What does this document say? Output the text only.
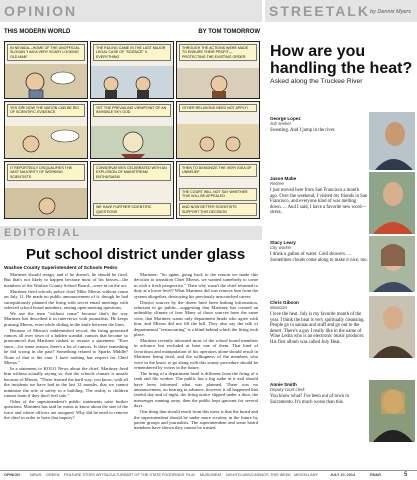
OPINION	STREETALK by Dennis Myers
THIS MODERN WORLD	BY TOM TOMORROW
IN NEVADA—HOME OF THE UNOFFICIAL SLOGAN "I AM A VERY SCARY LOOKING OLD MAN"
THE RULING CAME IN THE LAST MAJOR LEGAL CASE OF "SCIENCE" V. EVERYTHING
THROUGH THE ACTIONS WERE MADE TO ENSURE THEIR PROFIT—PROTECTING THE EXISTING ORDER
YES SIR! NOW THE NATION CAN BE RID OF SCIENTIFIC EVIDENCE
YET THE PREVAILING VIEWPOINT OF AN INVISIBLE SKY GOD
OTHER RELIGIONS NEED NOT APPLY!
IT REPORTEDLY DISQUALIFIES THE VAST MAJORITY OF WORKING SCIENTISTS
CONSERVATIVES CELEBRATED WITH AN EXPLOSION OF MAINSTREAM ENTHUSIASM
WE HAVE FURTHER SCIENTIFIC QUESTIONS
THEN TO DEMONIZE THE VERY IDEA OF UNBELIEF
AND NOW BETTER SCIENTISTS SUPPORT THIS DECISION
THE COURT WILL NOT SAY WHETHER THIS WILL BE APPEALED
EDITORIAL
Put school district under glass
Washoe County Superintendent of Schools Pedro

Martinez should resign, and if he doesn't, he should be fired. But that's not likely to happen because most of his bosses—the members of the Washoe County School Board—were in on the act.

Martinez fired schools police chief Mike Mieras without cause on July 11. He made no public announcement of it, though he had surreptitiously planned the firing with secret email meetings with selected school board members, raising open meeting questions.

We use the term "without cause" because that's the way Martinez has described it in interviews with journalists. He keeps praising Mieras, even while sliding in the knife between the lines.

Because of Mieras's unblemished record, the firing generated rumors all over town of a hidden scandal, rumors that became so pronounced that Martinez rushed to reissue a statement: "Ever since—for some reason, there's a lot of rumors. Is there something he did wrong in the past? Something related to Sparks Middle? None of that is the case. I have nothing but respect for Chief Mieras."

In a statement to KOLO News about the chief, Martinez fired him without actually saying so, that the schools climate is unsafe because of Mieras. "There learned the hard way, you know, with all the incidents we have had in the last 12 months, that we cannot minimize the role of safety in a building. The reality is children cannot learn if they don't feel safe."

Other of the superintendent's public statements raise further questions. Martinez has said he wants to know about the size of the force and where officers are assigned. Why did he need to remove the chief in order to have that inquiry?

Martinez: "So again, going back to the reason we made this decision to transition Chief Mieras, we wanted somebody to come in with a fresh perspective." Then why wasn't the chief returned to duty at a lower level? What Martinez did was remove him from the system altogether, destroying his previously unscratched career.

District sources by the dozen have been leaking information, reluctant to go public—suggesting that Martinez has created an unhealthy climate of fear. Many of those sources have the same view, that Martinez wants only department heads who agree with him, and Mieras did not fill the bill. They also say the talk of departmental "restructuring" is a blind behind which the firing took place.

Martinez recently informed most of the school board members in advance but excluded at least one of them. That kind of favoritism and manipulation of his operators alone should result in Martinez being fired, and the willingness of the members who were in the know to go along with this scanty procedure should be remembered by voters in the future.

The firing of a department head is different from the firing of a rank and file worker. The public has a big stake in it and should have been informed what was planned. There was no announcement, no hearing in advance, however it all happened that fateful day and of night, the firing notice slipped under a door, the messenger running away, then the public kept ignorant for several days.

One thing that should result from this mess is that the board and the superintendent should be under more scrutiny in the future by parent groups and journalists. The superintendent and some board members have shown they cannot be trusted.

How are you handling the heat?
Asked along the Truckee River
George Lopez
Job seeker
Sweating. And I jump in the river.
Jason Mabe
Retiree
I just moved here from San Francisco a month ago. Over the weekend, I visited my friends in San Francisco, and everyone kind of was melting down. ... And I said, I have a favorite new word—stress.
Stacy Leary
City worker
I drink a gallon of water. Cold showers. ... Sometimes clouds come along to make it nice, too.
Chris Gibson
Musician
I love the heat. July is my favorite month of the year. I think the heat is very spiritually cleansing. People go to saunas and stuff and go out to the desert. There's a guy I really like in the name of Wine Ledra who is an electronic music producer. His first album was called July Heat.
Annie Smith
Deputy court clerk
You know what? I've been out of town in Sacramento. It's much worse than this.
OPINION	NEWS GREEN FEATURE STORY ARTS&CULTURE ART OF THE STATE FOODFINDS FILM MUSICBEAT NIGHTCLUBS/CASINOS THIS WEEK MISCELLANY	JULY 10, 2014	RN&R	5
